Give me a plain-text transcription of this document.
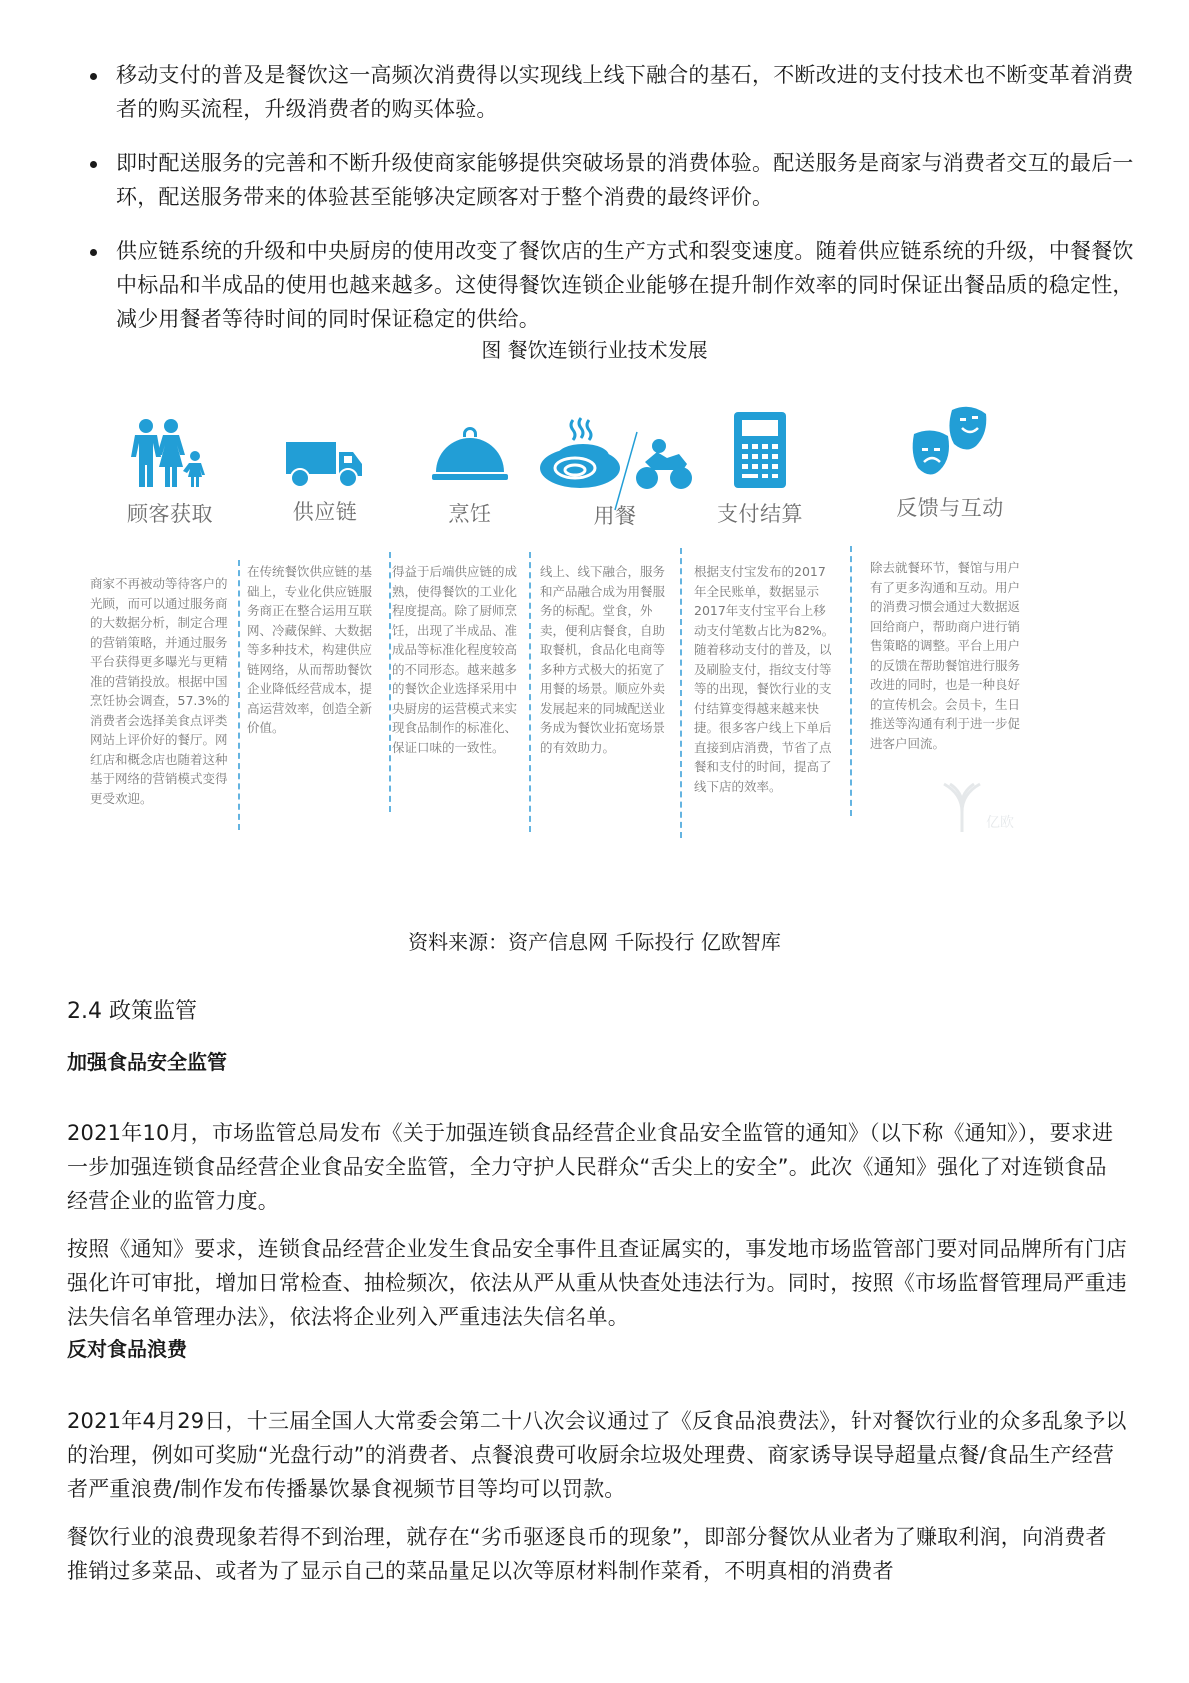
移动支付的普及是餐饮这一高频次消费得以实现线上线下融合的基石，不断改进的支付技术也不断变革着消费者的购买流程，升级消费者的购买体验。
即时配送服务的完善和不断升级使商家能够提供突破场景的消费体验。配送服务是商家与消费者交互的最后一环，配送服务带来的体验甚至能够决定顾客对于整个消费的最终评价。
供应链系统的升级和中央厨房的使用改变了餐饮店的生产方式和裂变速度。随着供应链系统的升级，中餐餐饮中标品和半成品的使用也越来越多。这使得餐饮连锁企业能够在提升制作效率的同时保证出餐品质的稳定性，减少用餐者等待时间的同时保证稳定的供给。
图 餐饮连锁行业技术发展
顾客获取	供应链	烹饪	用餐	支付结算	反馈与互动

商家不再被动等待客户的光顾，而可以通过服务商的大数据分析，制定合理的营销策略，并通过服务平台获得更多曝光与更精准的营销投放。根据中国烹饪协会调查，57.3%的消费者会选择美食点评类网站上评价好的餐厅。网红店和概念店也随着这种基于网络的营销模式变得更受欢迎。

在传统餐饮供应链的基础上，专业化供应链服务商正在整合运用互联网、冷藏保鲜、大数据等多种技术，构建供应链网络，从而帮助餐饮企业降低经营成本，提高运营效率，创造全新价值。

得益于后端供应链的成熟，使得餐饮的工业化程度提高。除了厨师烹饪，出现了半成品、准成品等标准化程度较高的不同形态。越来越多的餐饮企业选择采用中央厨房的运营模式来实现食品制作的标准化、保证口味的一致性。

线上、线下融合，服务和产品融合成为用餐服务的标配。堂食，外卖，便利店餐食，自助取餐机，食品化电商等多种方式极大的拓宽了用餐的场景。顺应外卖发展起来的同城配送业务成为餐饮业拓宽场景的有效助力。

根据支付宝发布的2017年全民账单，数据显示2017年支付宝平台上移动支付笔数占比为82%。随着移动支付的普及，以及刷脸支付，指纹支付等等的出现，餐饮行业的支付结算变得越来越来快捷。很多客户线上下单后直接到店消费，节省了点餐和支付的时间，提高了线下店的效率。

除去就餐环节，餐馆与用户有了更多沟通和互动。用户的消费习惯会通过大数据返回给商户，帮助商户进行销售策略的调整。平台上用户的反馈在帮助餐馆进行服务改进的同时，也是一种良好的宣传机会。会员卡，生日推送等沟通有利于进一步促进客户回流。

亿欧
资料来源：资产信息网 千际投行 亿欧智库
2.4 政策监管
加强食品安全监管
2021年10月，市场监管总局发布《关于加强连锁食品经营企业食品安全监管的通知》（以下称《通知》），要求进一步加强连锁食品经营企业食品安全监管，全力守护人民群众“舌尖上的安全”。此次《通知》强化了对连锁食品经营企业的监管力度。
按照《通知》要求，连锁食品经营企业发生食品安全事件且查证属实的，事发地市场监管部门要对同品牌所有门店强化许可审批，增加日常检查、抽检频次，依法从严从重从快查处违法行为。同时，按照《市场监督管理局严重违法失信名单管理办法》，依法将企业列入严重违法失信名单。
反对食品浪费
2021年4月29日，十三届全国人大常委会第二十八次会议通过了《反食品浪费法》，针对餐饮行业的众多乱象予以的治理，例如可奖励“光盘行动”的消费者、点餐浪费可收厨余垃圾处理费、商家诱导误导超量点餐/食品生产经营者严重浪费/制作发布传播暴饮暴食视频节目等均可以罚款。
餐饮行业的浪费现象若得不到治理，就存在“劣币驱逐良币的现象”，即部分餐饮从业者为了赚取利润，向消费者推销过多菜品、或者为了显示自己的菜品量足以次等原材料制作菜肴，不明真相的消费者
